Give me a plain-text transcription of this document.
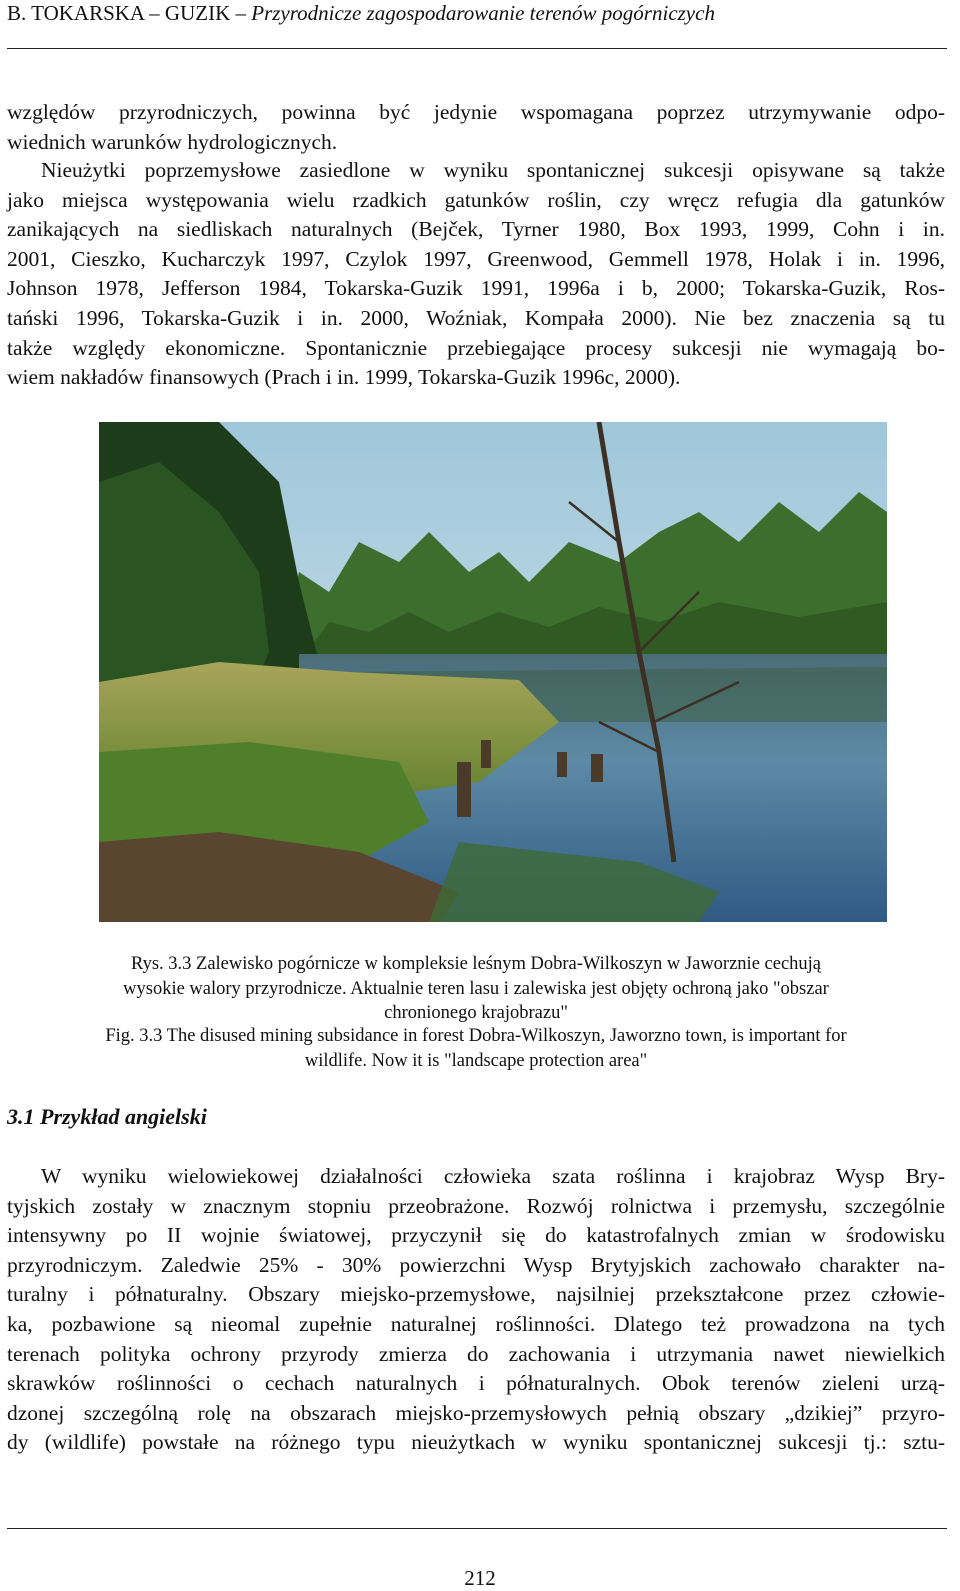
B. TOKARSKA – GUZIK – Przyrodnicze zagospodarowanie terenów pogórniczych
względów przyrodniczych, powinna być jedynie wspomagana poprzez utrzymywanie odpo-
wiednich warunków hydrologicznych.
Nieużytki poprzemysłowe zasiedlone w wyniku spontanicznej sukcesji opisywane są także
jako miejsca występowania wielu rzadkich gatunków roślin, czy wręcz refugia dla gatunków
zanikających na siedliskach naturalnych (Bejček, Tyrner 1980, Box 1993, 1999, Cohn i in.
2001, Cieszko, Kucharczyk 1997, Czylok 1997, Greenwood, Gemmell 1978, Holak i in. 1996,
Johnson 1978, Jefferson 1984, Tokarska-Guzik 1991, 1996a i b, 2000; Tokarska-Guzik, Ros-
tański 1996, Tokarska-Guzik i in. 2000, Woźniak, Kompała 2000). Nie bez znaczenia są tu
także względy ekonomiczne. Spontanicznie przebiegające procesy sukcesji nie wymagają bo-
wiem nakładów finansowych (Prach i in. 1999, Tokarska-Guzik 1996c, 2000).
Rys. 3.3 Zalewisko pogórnicze w kompleksie leśnym Dobra-Wilkoszyn w Jaworznie cechują
wysokie walory przyrodnicze. Aktualnie teren lasu i zalewiska jest objęty ochroną jako "obszar
chronionego krajobrazu"
Fig. 3.3 The disused mining subsidance in forest Dobra-Wilkoszyn, Jaworzno town, is important for
wildlife. Now it is "landscape protection area"
3.1 Przykład angielski
W wyniku wielowiekowej działalności człowieka szata roślinna i krajobraz Wysp Bry-
tyjskich zostały w znacznym stopniu przeobrażone. Rozwój rolnictwa i przemysłu, szczególnie
intensywny po II wojnie światowej, przyczynił się do katastrofalnych zmian w środowisku
przyrodniczym. Zaledwie 25% - 30% powierzchni Wysp Brytyjskich zachowało charakter na-
turalny i półnaturalny. Obszary miejsko-przemysłowe, najsilniej przekształcone przez człowie-
ka, pozbawione są nieomal zupełnie naturalnej roślinności. Dlatego też prowadzona na tych
terenach polityka ochrony przyrody zmierza do zachowania i utrzymania nawet niewielkich
skrawków roślinności o cechach naturalnych i półnaturalnych. Obok terenów zieleni urzą-
dzonej szczególną rolę na obszarach miejsko-przemysłowych pełnią obszary „dzikiej” przyro-
dy (wildlife) powstałe na różnego typu nieużytkach w wyniku spontanicznej sukcesji tj.: sztu-
212
